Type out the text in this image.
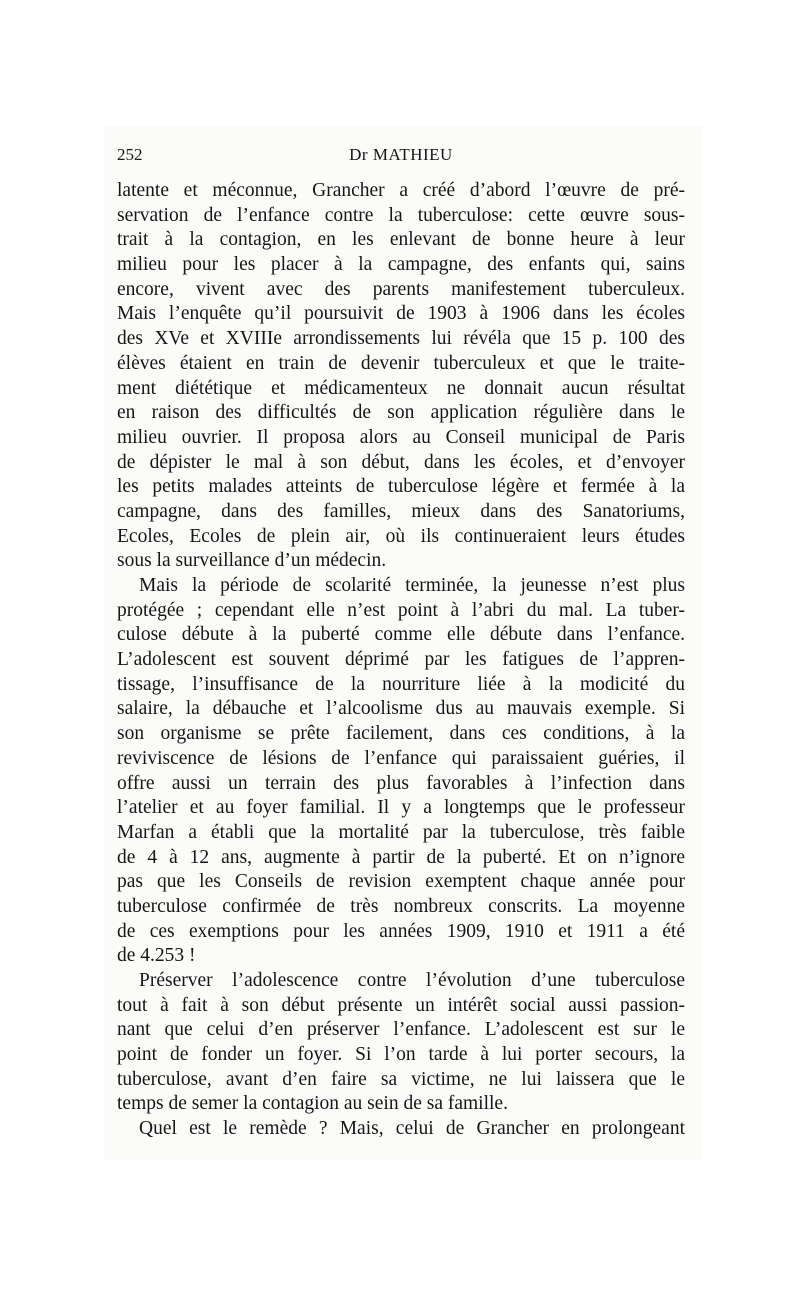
252	Dr MATHIEU
latente et méconnue, Grancher a créé d’abord l’œuvre de pré-
servation de l’enfance contre la tuberculose: cette œuvre sous-
trait à la contagion, en les enlevant de bonne heure à leur
milieu pour les placer à la campagne, des enfants qui, sains
encore, vivent avec des parents manifestement tuberculeux.
Mais l’enquête qu’il poursuivit de 1903 à 1906 dans les écoles
des XVe et XVIIIe arrondissements lui révéla que 15 p. 100 des
élèves étaient en train de devenir tuberculeux et que le traite-
ment diététique et médicamenteux ne donnait aucun résultat
en raison des difficultés de son application régulière dans le
milieu ouvrier. Il proposa alors au Conseil municipal de Paris
de dépister le mal à son début, dans les écoles, et d’envoyer
les petits malades atteints de tuberculose légère et fermée à la
campagne, dans des familles, mieux dans des Sanatoriums,
Ecoles, Ecoles de plein air, où ils continueraient leurs études
sous la surveillance d’un médecin.
Mais la période de scolarité terminée, la jeunesse n’est plus
protégée ; cependant elle n’est point à l’abri du mal. La tuber-
culose débute à la puberté comme elle débute dans l’enfance.
L’adolescent est souvent déprimé par les fatigues de l’appren-
tissage, l’insuffisance de la nourriture liée à la modicité du
salaire, la débauche et l’alcoolisme dus au mauvais exemple. Si
son organisme se prête facilement, dans ces conditions, à la
reviviscence de lésions de l’enfance qui paraissaient guéries, il
offre aussi un terrain des plus favorables à l’infection dans
l’atelier et au foyer familial. Il y a longtemps que le professeur
Marfan a établi que la mortalité par la tuberculose, très faible
de 4 à 12 ans, augmente à partir de la puberté. Et on n’ignore
pas que les Conseils de revision exemptent chaque année pour
tuberculose confirmée de très nombreux conscrits. La moyenne
de ces exemptions pour les années 1909, 1910 et 1911 a été
de 4.253 !
Préserver l’adolescence contre l’évolution d’une tuberculose
tout à fait à son début présente un intérêt social aussi passion-
nant que celui d’en préserver l’enfance. L’adolescent est sur le
point de fonder un foyer. Si l’on tarde à lui porter secours, la
tuberculose, avant d’en faire sa victime, ne lui laissera que le
temps de semer la contagion au sein de sa famille.
Quel est le remède ? Mais, celui de Grancher en prolongeant
